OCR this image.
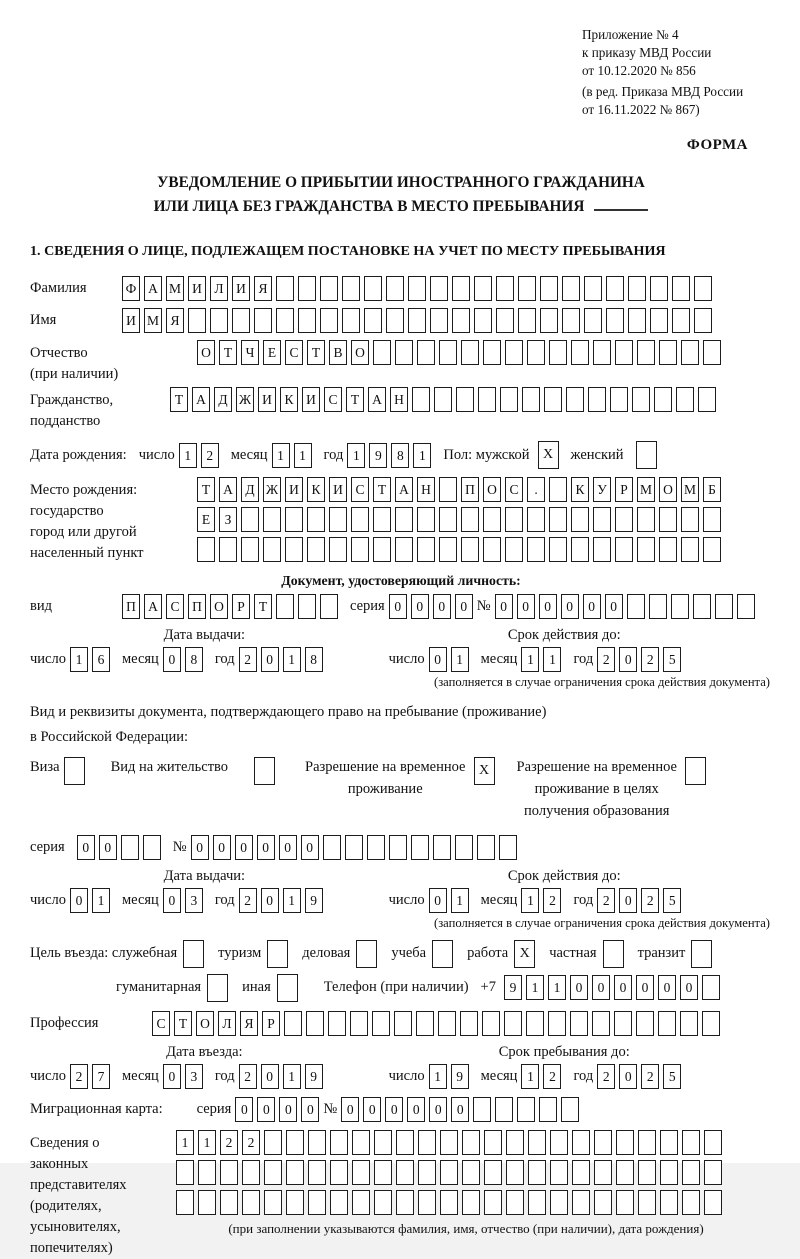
Приложение № 4
к приказу МВД России
от 10.12.2020 № 856
(в ред. Приказа МВД России
от 16.11.2022 № 867)
ФОРМА
УВЕДОМЛЕНИЕ О ПРИБЫТИИ ИНОСТРАННОГО ГРАЖДАНИНА
ИЛИ ЛИЦА БЕЗ ГРАЖДАНСТВА В МЕСТО ПРЕБЫВАНИЯ
1. СВЕДЕНИЯ О ЛИЦЕ, ПОДЛЕЖАЩЕМ ПОСТАНОВКЕ НА УЧЕТ ПО МЕСТУ ПРЕБЫВАНИЯ
Фамилия	Ф А М И Л И Я
Имя	И М Я
Отчество
(при наличии)
О Т Ч Е С Т В О
Гражданство,
подданство
Т А Д Ж И К И С Т А Н
Дата рождения: число 1 2	месяц 1 1	год 1 9 8 1	Пол: мужской X	женский
Место рождения:
государство
город или другой
населенный пункт
Т А Д Ж И К И С Т А Н	П О С .	К У Р М О М Б
Е З
Документ, удостоверяющий личность:
вид	П А С П О Р Т	серия 0 0 0 0 № 0 0 0 0 0 0
Дата выдачи:	Срок действия до:
число 1 6	месяц 0 8	год 2 0 1 8	число 0 1	месяц 1 1	год 2 0 2 5
(заполняется в случае ограничения срока действия документа)
Вид и реквизиты документа, подтверждающего право на пребывание (проживание)
в Российской Федерации:
Виза	Вид на жительство	Разрешение на временное
проживание
X	Разрешение на временное
проживание в целях
получения образования
серия	0 0	№ 0 0 0 0 0 0
Дата выдачи:	Срок действия до:
число 0 1	месяц 0 3	год 2 0 1 9	число 0 1	месяц 1 2	год 2 0 2 5
(заполняется в случае ограничения срока действия документа)
Цель въезда: служебная	туризм	деловая	учеба	работа X	частная	транзит
гуманитарная	иная	Телефон (при наличии) +7	9 1 1 0 0 0 0 0 0
Профессия	С Т О Л Я Р
Дата въезда:	Срок пребывания до:
число 2 7	месяц 0 3	год 2 0 1 9	число 1 9	месяц 1 2	год 2 0 2 5
Миграционная карта: серия 0 0 0 0 № 0 0 0 0 0 0
Сведения о
законных
представителях
(родителях,
усыновителях,
попечителях)
1 1 2 2
(при заполнении указываются фамилия, имя, отчество (при наличии), дата рождения)
